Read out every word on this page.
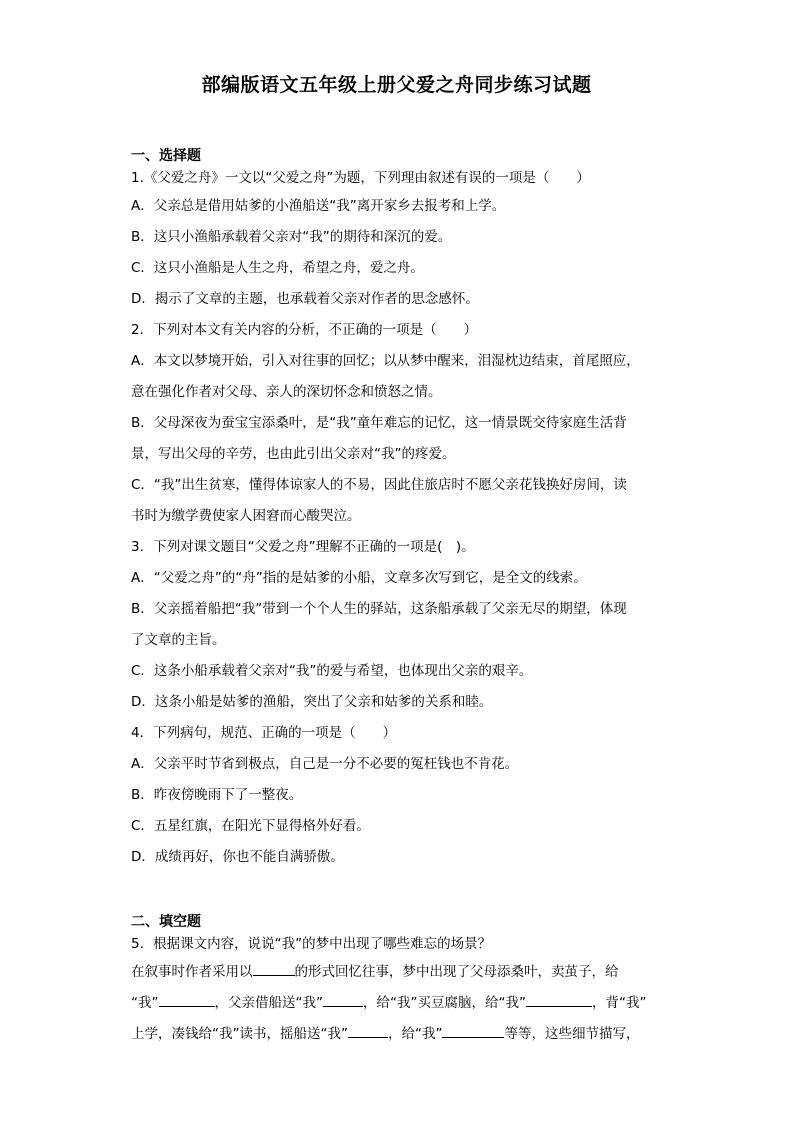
部编版语文五年级上册父爱之舟同步练习试题
一、选择题

1.《父爱之舟》一文以“父爱之舟”为题，下列理由叙述有误的一项是（　　）

A．父亲总是借用姑爹的小渔船送“我”离开家乡去报考和上学。

B．这只小渔船承载着父亲对“我”的期待和深沉的爱。

C．这只小渔船是人生之舟，希望之舟，爱之舟。

D．揭示了文章的主题，也承载着父亲对作者的思念感怀。

2．下列对本文有关内容的分析，不正确的一项是（　　）

A．本文以梦境开始，引入对往事的回忆；以从梦中醒来，泪湿枕边结束，首尾照应，

意在强化作者对父母、亲人的深切怀念和愤怒之情。

B．父母深夜为蚕宝宝添桑叶，是“我”童年难忘的记忆，这一情景既交待家庭生活背

景，写出父母的辛劳，也由此引出父亲对“我”的疼爱。

C．“我”出生贫寒，懂得体谅家人的不易，因此住旅店时不愿父亲花钱换好房间，读

书时为缴学费使家人困窘而心酸哭泣。

3．下列对课文题目“父爱之舟”理解不正确的一项是(　)。

A．“父爱之舟”的“舟”指的是姑爹的小船，文章多次写到它，是全文的线索。

B．父亲摇着船把“我”带到一个个人生的驿站，这条船承载了父亲无尽的期望，体现

了文章的主旨。

C．这条小船承载着父亲对“我”的爱与希望，也体现出父亲的艰辛。

D．这条小船是姑爹的渔船，突出了父亲和姑爹的关系和睦。

4．下列病句，规范、正确的一项是（　　）

A．父亲平时节省到极点，自己是一分不必要的冤枉钱也不肯花。

B．昨夜傍晚雨下了一整夜。

C．五星红旗，在阳光下显得格外好看。

D．成绩再好，你也不能自满骄傲。

二、填空题

5．根据课文内容，说说“我”的梦中出现了哪些难忘的场景？

在叙事时作者采用以	的形式回忆往事，梦中出现了父母添桑叶，卖茧子，给

“我”	，父亲借船送“我”	，给“我”买豆腐脑，给“我”	，背“我”

上学，凑钱给“我”读书，摇船送“我”	，给“我”	等等，这些细节描写，
